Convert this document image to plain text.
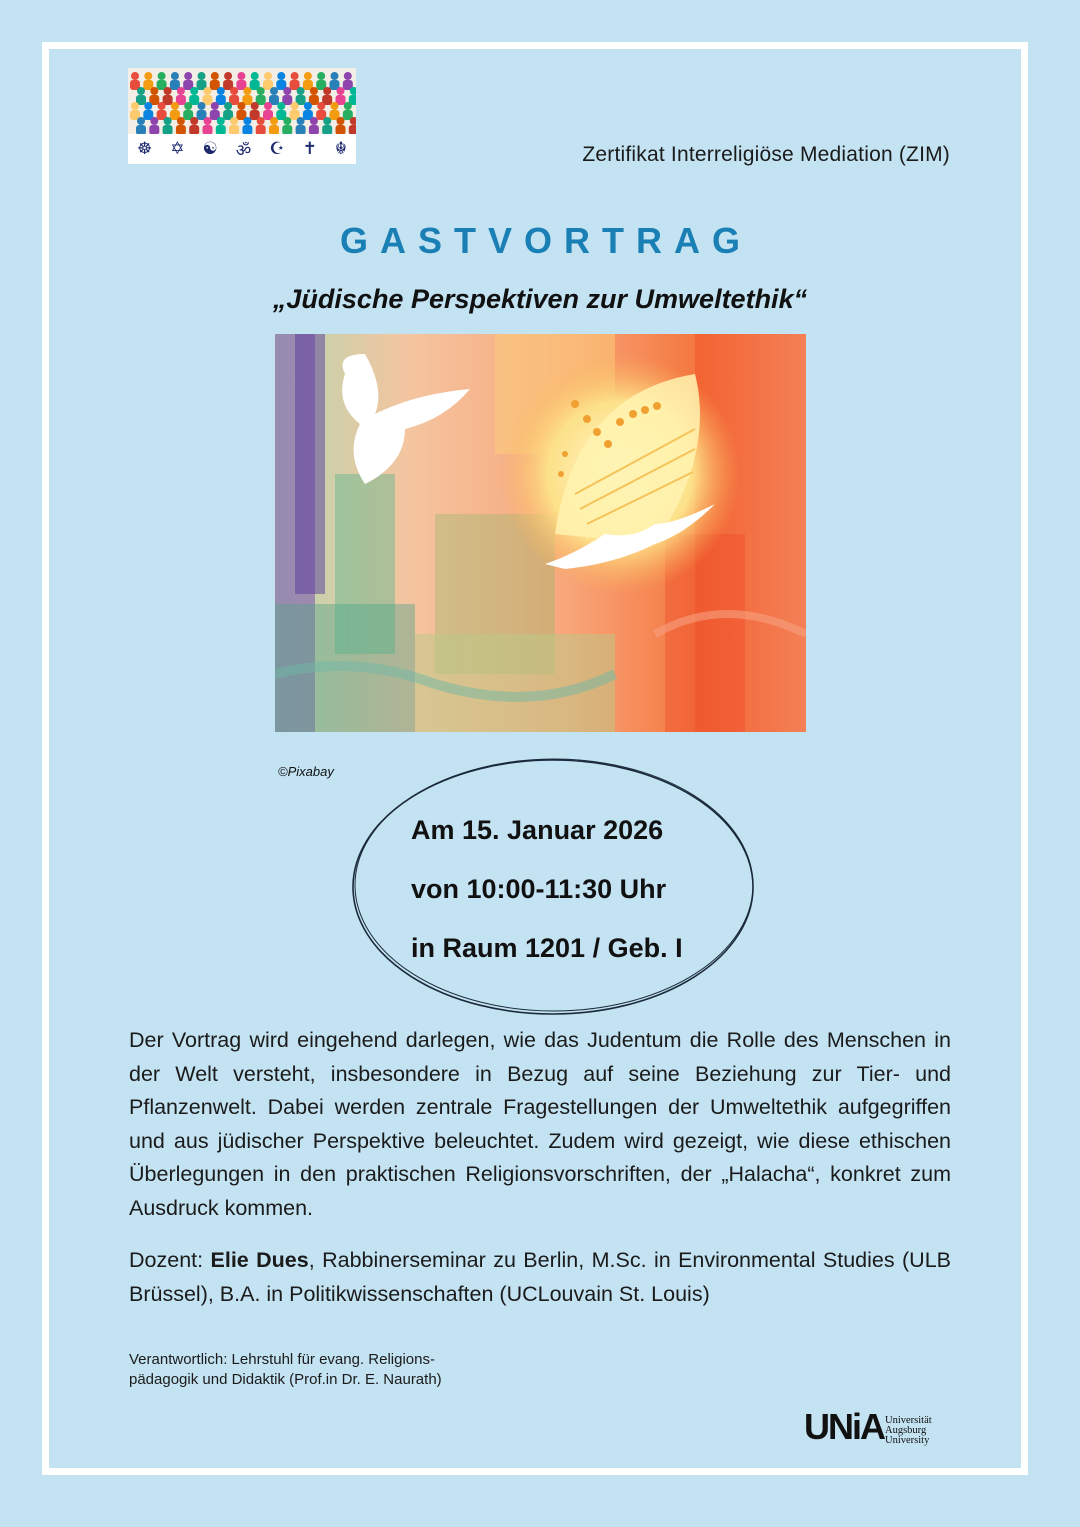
☸ ✡ ☯ ॐ ☪ ✝ ☬	Zertifikat Interreligiöse Mediation (ZIM)
GASTVORTRAG
„Jüdische Perspektiven zur Umweltethik“
©Pixabay
Am 15. Januar 2026
von 10:00-11:30 Uhr
in Raum 1201 / Geb. I

Der Vortrag wird eingehend darlegen, wie das Judentum die Rolle des Menschen in der Welt versteht, insbesondere in Bezug auf seine Beziehung zur Tier- und Pflanzenwelt. Dabei werden zentrale Fragestellungen der Umweltethik aufgegriffen und aus jüdischer Perspektive beleuchtet. Zudem wird gezeigt, wie diese ethischen Überlegungen in den praktischen Religionsvorschriften, der „Halacha“, konkret zum Ausdruck kommen.

Dozent: Elie Dues, Rabbinerseminar zu Berlin, M.Sc. in Environmental Studies (ULB Brüssel), B.A. in Politikwissenschaften (UCLouvain St. Louis)

Verantwortlich: Lehrstuhl für evang. Religions-
pädagogik und Didaktik (Prof.in Dr. E. Naurath)
UNiA Universität
Augsburg
University
